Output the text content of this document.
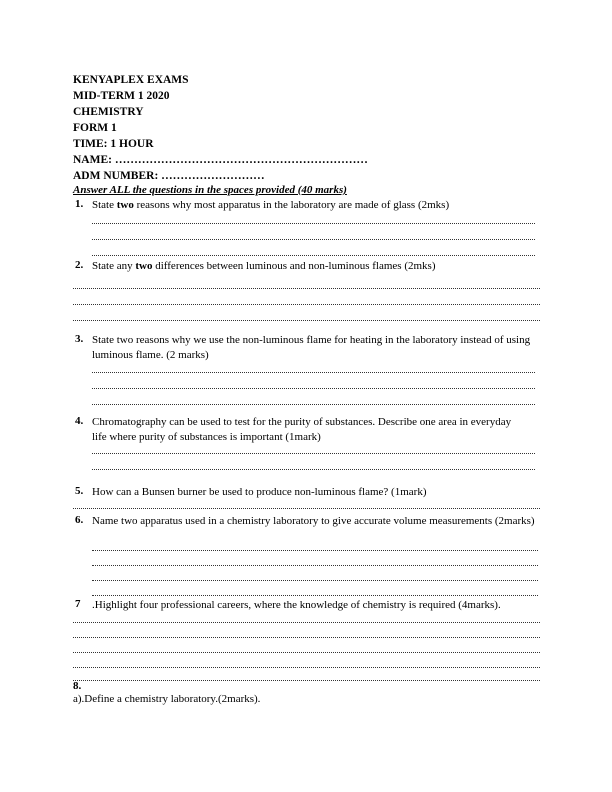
KENYAPLEX EXAMS
MID-TERM 1 2020
CHEMISTRY
FORM 1
TIME: 1 HOUR
NAME: …………………………………………………………
ADM NUMBER: ………………………
Answer ALL the questions in the spaces provided (40 marks)
1. State two reasons why most apparatus in the laboratory are made of glass (2mks)
2. State any two differences between luminous and non-luminous flames (2mks)
3. State two reasons why we use the non-luminous flame for heating in the laboratory instead of using luminous flame. (2 marks)
4. Chromatography can be used to test for the purity of substances. Describe one area in everyday life where purity of substances is important (1mark)
5. How can a Bunsen burner be used to produce non-luminous flame? (1mark)
6. Name two apparatus used in a chemistry laboratory to give accurate volume measurements (2marks)
7 .Highlight four professional careers, where the knowledge of chemistry is required (4marks).
8.
a).Define a chemistry laboratory.(2marks).
